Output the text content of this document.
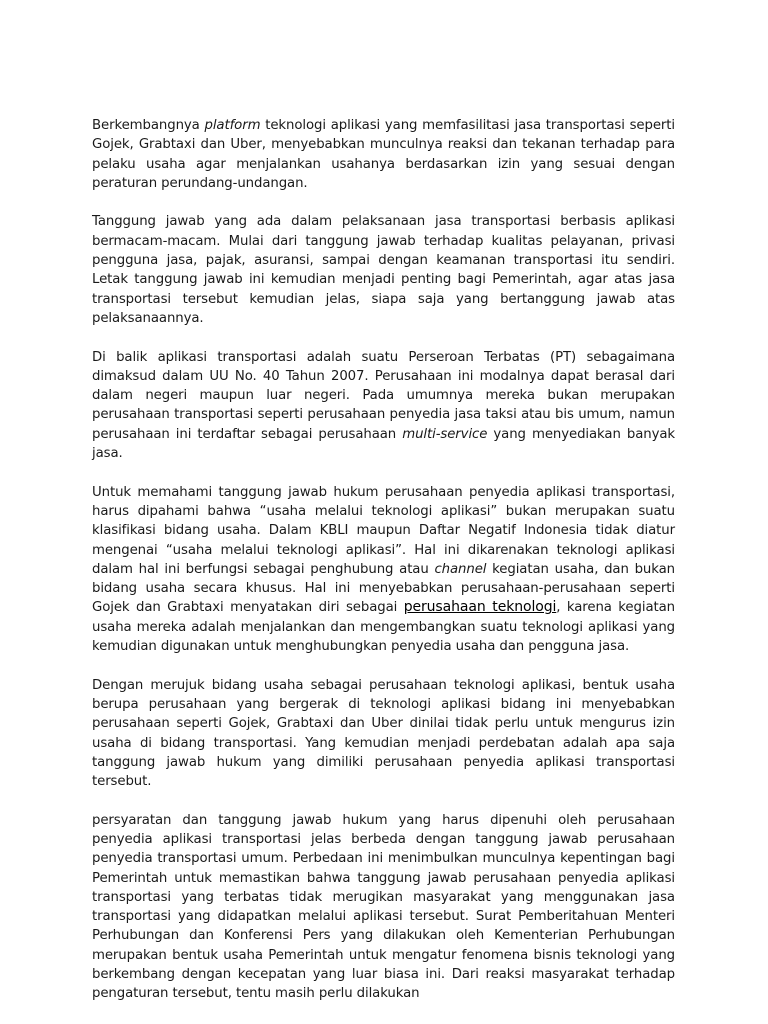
Berkembangnya platform teknologi aplikasi yang memfasilitasi jasa transportasi seperti Gojek, Grabtaxi dan Uber, menyebabkan munculnya reaksi dan tekanan terhadap para pelaku usaha agar menjalankan usahanya berdasarkan izin yang sesuai dengan peraturan perundang-undangan.

Tanggung jawab yang ada dalam pelaksanaan jasa transportasi berbasis aplikasi bermacam-macam. Mulai dari tanggung jawab terhadap kualitas pelayanan, privasi pengguna jasa, pajak, asuransi, sampai dengan keamanan transportasi itu sendiri. Letak tanggung jawab ini kemudian menjadi penting bagi Pemerintah, agar atas jasa transportasi tersebut kemudian jelas, siapa saja yang bertanggung jawab atas pelaksanaannya.

Di balik aplikasi transportasi adalah suatu Perseroan Terbatas (PT) sebagaimana dimaksud dalam UU No. 40 Tahun 2007. Perusahaan ini modalnya dapat berasal dari dalam negeri maupun luar negeri. Pada umumnya mereka bukan merupakan perusahaan transportasi seperti perusahaan penyedia jasa taksi atau bis umum, namun perusahaan ini terdaftar sebagai perusahaan multi-service yang menyediakan banyak jasa.

Untuk memahami tanggung jawab hukum perusahaan penyedia aplikasi transportasi, harus dipahami bahwa “usaha melalui teknologi aplikasi” bukan merupakan suatu klasifikasi bidang usaha. Dalam KBLI maupun Daftar Negatif Indonesia tidak diatur mengenai “usaha melalui teknologi aplikasi”. Hal ini dikarenakan teknologi aplikasi dalam hal ini berfungsi sebagai penghubung atau channel kegiatan usaha, dan bukan bidang usaha secara khusus. Hal ini menyebabkan perusahaan-perusahaan seperti Gojek dan Grabtaxi menyatakan diri sebagai perusahaan teknologi, karena kegiatan usaha mereka adalah menjalankan dan mengembangkan suatu teknologi aplikasi yang kemudian digunakan untuk menghubungkan penyedia usaha dan pengguna jasa.

Dengan merujuk bidang usaha sebagai perusahaan teknologi aplikasi, bentuk usaha berupa perusahaan yang bergerak di teknologi aplikasi bidang ini menyebabkan perusahaan seperti Gojek, Grabtaxi dan Uber dinilai tidak perlu untuk mengurus izin usaha di bidang transportasi. Yang kemudian menjadi perdebatan adalah apa saja tanggung jawab hukum yang dimiliki perusahaan penyedia aplikasi transportasi tersebut.

persyaratan dan tanggung jawab hukum yang harus dipenuhi oleh perusahaan penyedia aplikasi transportasi jelas berbeda dengan tanggung jawab perusahaan penyedia transportasi umum. Perbedaan ini menimbulkan munculnya kepentingan bagi Pemerintah untuk memastikan bahwa tanggung jawab perusahaan penyedia aplikasi transportasi yang terbatas tidak merugikan masyarakat yang menggunakan jasa transportasi yang didapatkan melalui aplikasi tersebut. Surat Pemberitahuan Menteri Perhubungan dan Konferensi Pers yang dilakukan oleh Kementerian Perhubungan merupakan bentuk usaha Pemerintah untuk mengatur fenomena bisnis teknologi yang berkembang dengan kecepatan yang luar biasa ini. Dari reaksi masyarakat terhadap pengaturan tersebut, tentu masih perlu dilakukan
